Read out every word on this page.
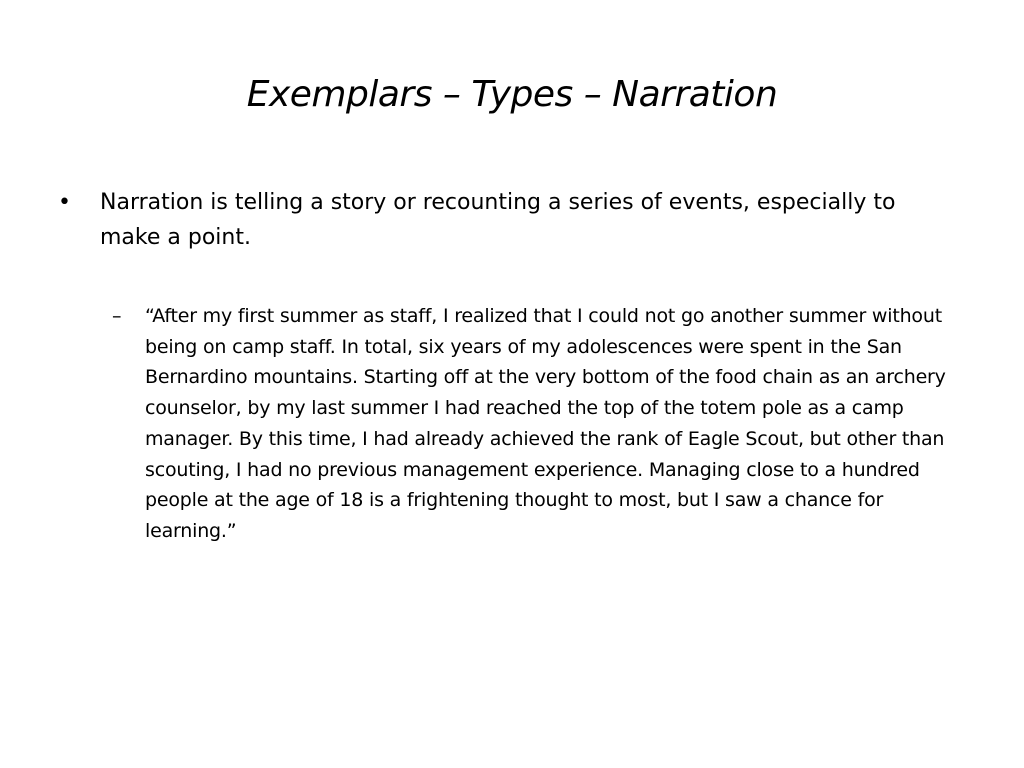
Exemplars – Types – Narration
•	Narration is telling a story or recounting a series of events, especially to make a point.
–	“After my first summer as staff, I realized that I could not go another summer without being on camp staff. In total, six years of my adolescences were spent in the San Bernardino mountains. Starting off at the very bottom of the food chain as an archery counselor, by my last summer I had reached the top of the totem pole as a camp manager. By this time, I had already achieved the rank of Eagle Scout, but other than scouting, I had no previous management experience. Managing close to a hundred people at the age of 18 is a frightening thought to most, but I saw a chance for learning.”
